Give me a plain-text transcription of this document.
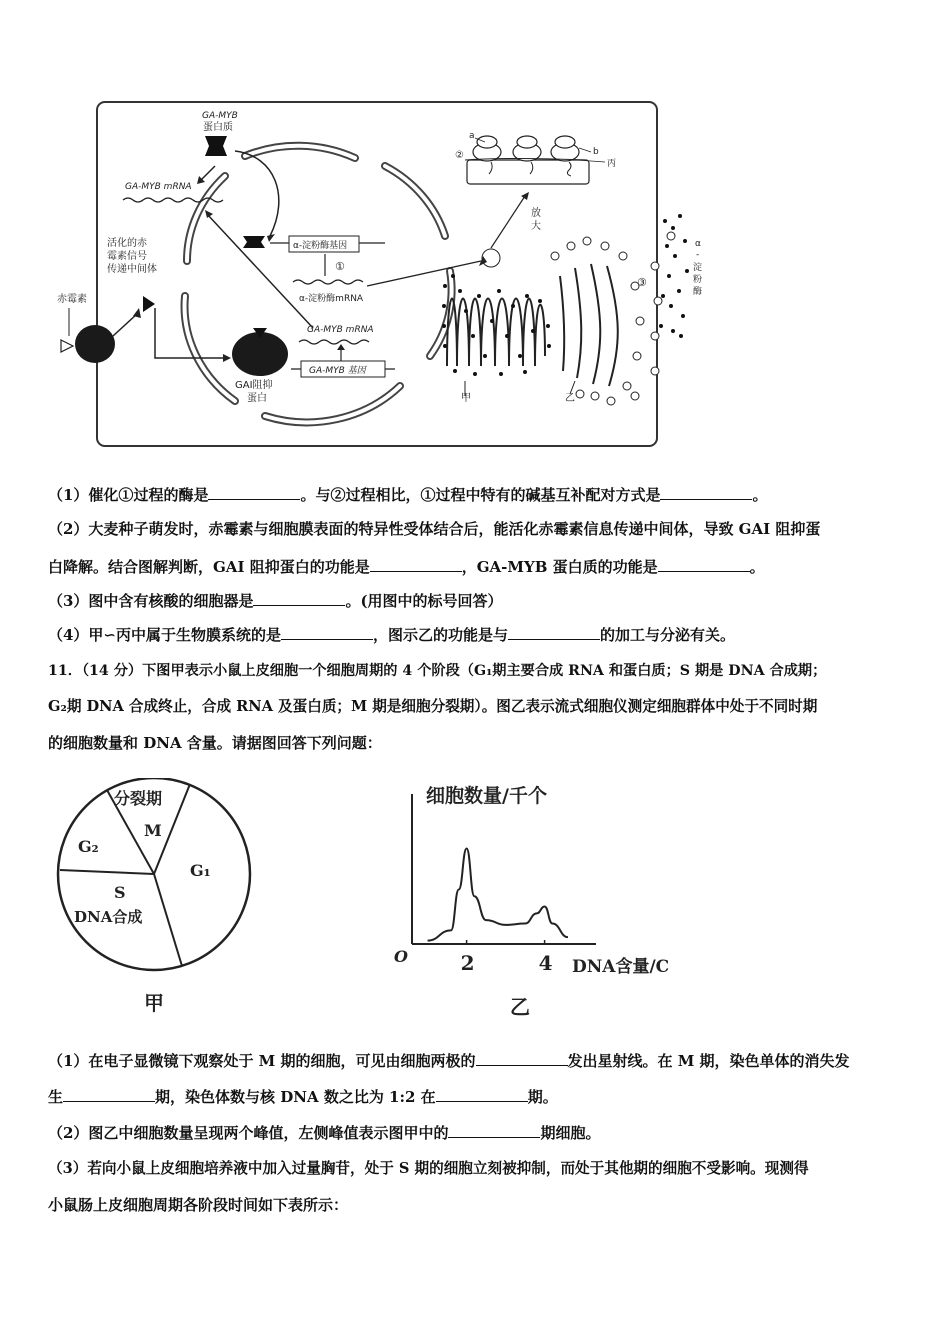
GA-MYB
蛋白质
GA-MYB mRNA
活化的赤
霉素信号
传递中间体
赤霉素
α-淀粉酶基因
①
α-淀粉酶mRNA
GAI阻抑
蛋白
GA-MYB mRNA
GA-MYB 基因
甲	乙
③
α
-
淀
粉
酶
放
大
a
②	b
丙
（1）催化①过程的酶是	。与②过程相比，①过程中特有的碱基互补配对方式是	。
（2）大麦种子萌发时，赤霉素与细胞膜表面的特异性受体结合后，能活化赤霉素信息传递中间体，导致 GAI 阻抑蛋
白降解。结合图解判断，GAI 阻抑蛋白的功能是	，GA-MYB 蛋白质的功能是	。
（3）图中含有核酸的细胞器是	。(用图中的标号回答）
（4）甲∽丙中属于生物膜系统的是	，图示乙的功能是与	的加工与分泌有关。
11．（14 分）下图甲表示小鼠上皮细胞一个细胞周期的 4 个阶段（G₁期主要合成 RNA 和蛋白质；S 期是 DNA 合成期；
G₂期 DNA 合成终止，合成 RNA 及蛋白质；M 期是细胞分裂期）。图乙表示流式细胞仪测定细胞群体中处于不同时期
的细胞数量和 DNA 含量。请据图回答下列问题：
分裂期
M
G₂
S
DNA合成
G₁
甲
细胞数量/千个
O
DNA含量/C
乙
2	4
（1）在电子显微镜下观察处于 M 期的细胞，可见由细胞两极的	发出星射线。在 M 期，染色单体的消失发
生	期，染色体数与核 DNA 数之比为 1:2 在	期。
（2）图乙中细胞数量呈现两个峰值，左侧峰值表示图甲中的	期细胞。
（3）若向小鼠上皮细胞培养液中加入过量胸苷，处于 S 期的细胞立刻被抑制，而处于其他期的细胞不受影响。现测得
小鼠肠上皮细胞周期各阶段时间如下表所示：
